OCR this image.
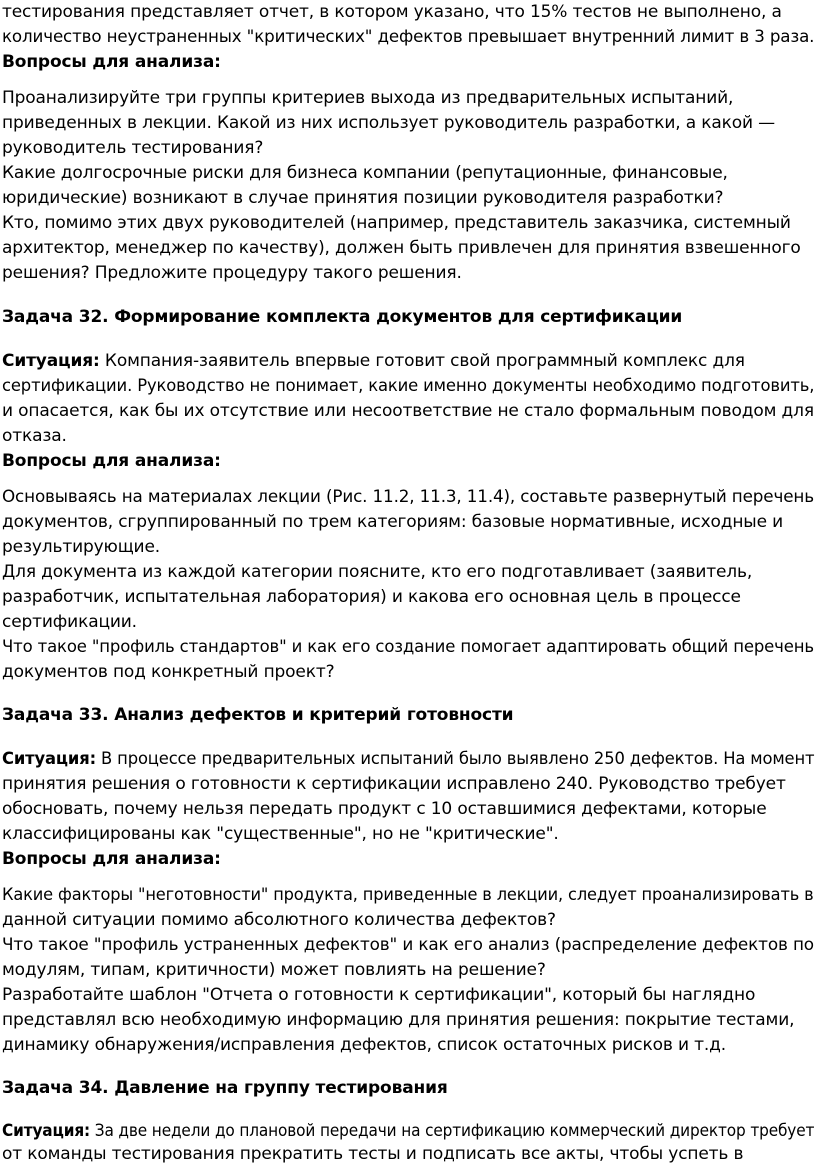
тестирования представляет отчет, в котором указано, что 15% тестов не выполнено, а
количество неустраненных "критических" дефектов превышает внутренний лимит в 3 раза.
Вопросы для анализа:
Проанализируйте три группы критериев выхода из предварительных испытаний,
приведенных в лекции. Какой из них использует руководитель разработки, а какой —
руководитель тестирования?
Какие долгосрочные риски для бизнеса компании (репутационные, финансовые,
юридические) возникают в случае принятия позиции руководителя разработки?
Кто, помимо этих двух руководителей (например, представитель заказчика, системный
архитектор, менеджер по качеству), должен быть привлечен для принятия взвешенного
решения? Предложите процедуру такого решения.
Задача 32. Формирование комплекта документов для сертификации
Ситуация: Компания-заявитель впервые готовит свой программный комплекс для
сертификации. Руководство не понимает, какие именно документы необходимо подготовить,
и опасается, как бы их отсутствие или несоответствие не стало формальным поводом для
отказа.
Вопросы для анализа:
Основываясь на материалах лекции (Рис. 11.2, 11.3, 11.4), составьте развернутый перечень
документов, сгруппированный по трем категориям: базовые нормативные, исходные и
результирующие.
Для документа из каждой категории поясните, кто его подготавливает (заявитель,
разработчик, испытательная лаборатория) и какова его основная цель в процессе
сертификации.
Что такое "профиль стандартов" и как его создание помогает адаптировать общий перечень
документов под конкретный проект?
Задача 33. Анализ дефектов и критерий готовности
Ситуация: В процессе предварительных испытаний было выявлено 250 дефектов. На момент
принятия решения о готовности к сертификации исправлено 240. Руководство требует
обосновать, почему нельзя передать продукт с 10 оставшимися дефектами, которые
классифицированы как "существенные", но не "критические".
Вопросы для анализа:
Какие факторы "неготовности" продукта, приведенные в лекции, следует проанализировать в
данной ситуации помимо абсолютного количества дефектов?
Что такое "профиль устраненных дефектов" и как его анализ (распределение дефектов по
модулям, типам, критичности) может повлиять на решение?
Разработайте шаблон "Отчета о готовности к сертификации", который бы наглядно
представлял всю необходимую информацию для принятия решения: покрытие тестами,
динамику обнаружения/исправления дефектов, список остаточных рисков и т.д.
Задача 34. Давление на группу тестирования
Ситуация: За две недели до плановой передачи на сертификацию коммерческий директор требует
от команды тестирования прекратить тесты и подписать все акты, чтобы успеть в
